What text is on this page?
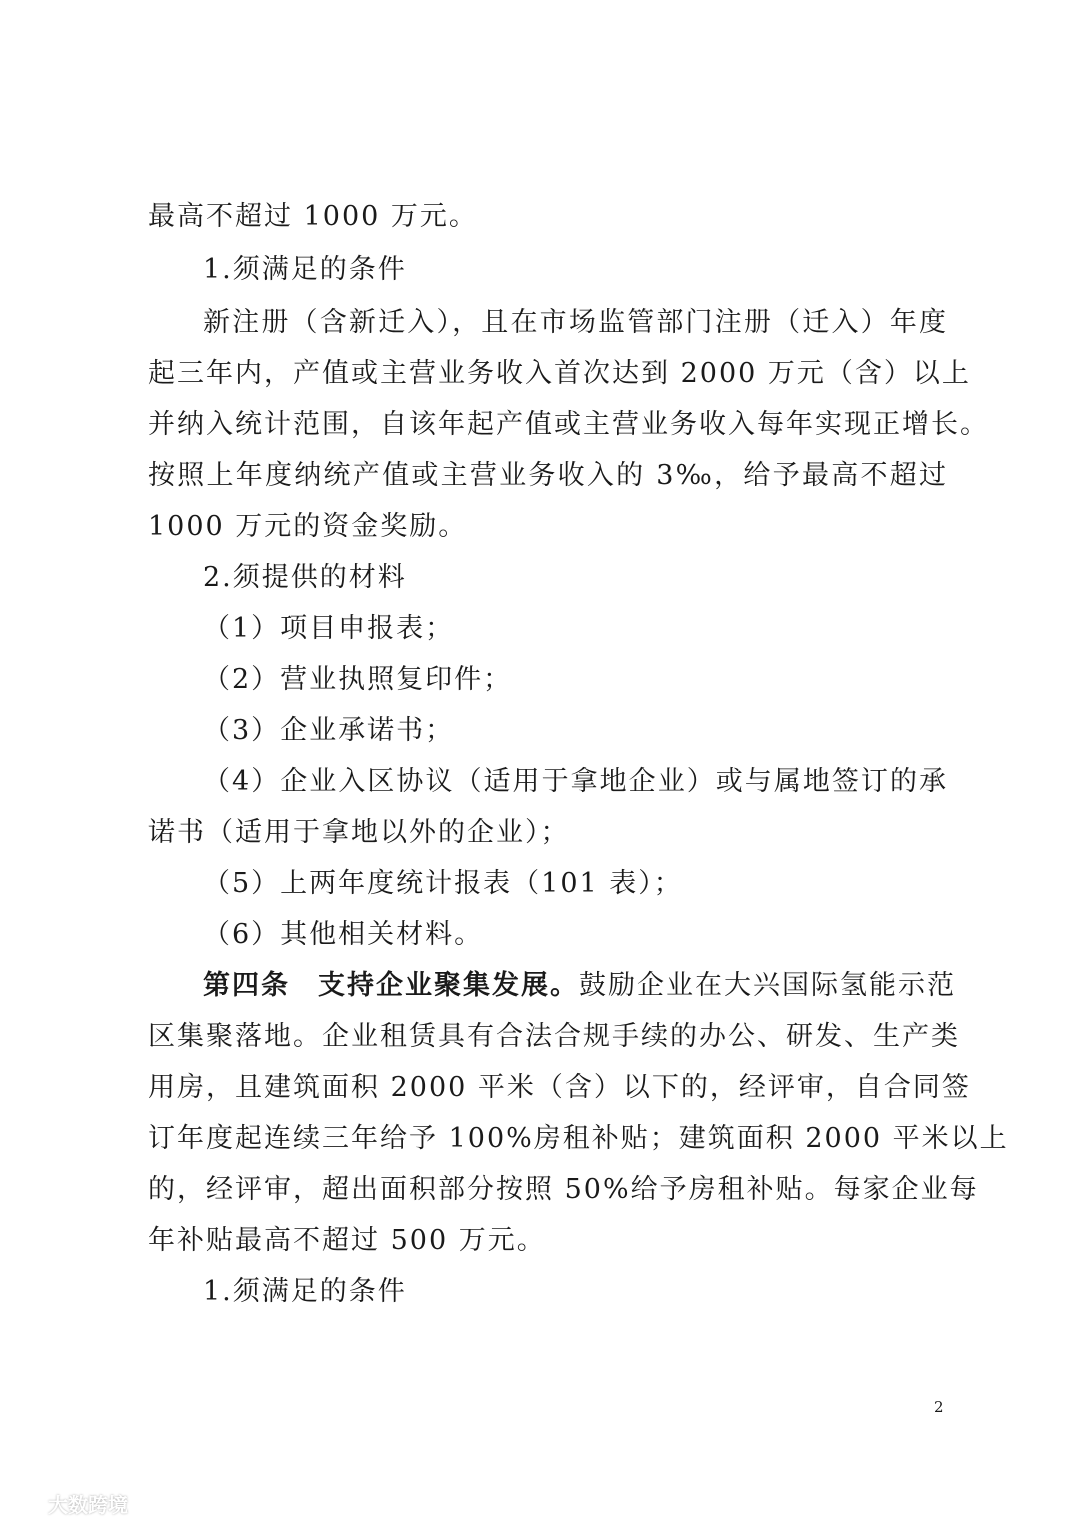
最高不超过 1000 万元。
1.须满足的条件
新注册（含新迁入），且在市场监管部门注册（迁入）年度
起三年内，产值或主营业务收入首次达到 2000 万元（含）以上
并纳入统计范围，自该年起产值或主营业务收入每年实现正增长。
按照上年度纳统产值或主营业务收入的 3‰，给予最高不超过
1000 万元的资金奖励。
2.须提供的材料
（1）项目申报表；
（2）营业执照复印件；
（3）企业承诺书；
（4）企业入区协议（适用于拿地企业）或与属地签订的承
诺书（适用于拿地以外的企业）；
（5）上两年度统计报表（101 表）；
（6）其他相关材料。
第四条 支持企业聚集发展。鼓励企业在大兴国际氢能示范
区集聚落地。企业租赁具有合法合规手续的办公、研发、生产类
用房，且建筑面积 2000 平米（含）以下的，经评审，自合同签
订年度起连续三年给予 100%房租补贴；建筑面积 2000 平米以上
的，经评审，超出面积部分按照 50%给予房租补贴。每家企业每
年补贴最高不超过 500 万元。
1.须满足的条件
2
大数跨境
